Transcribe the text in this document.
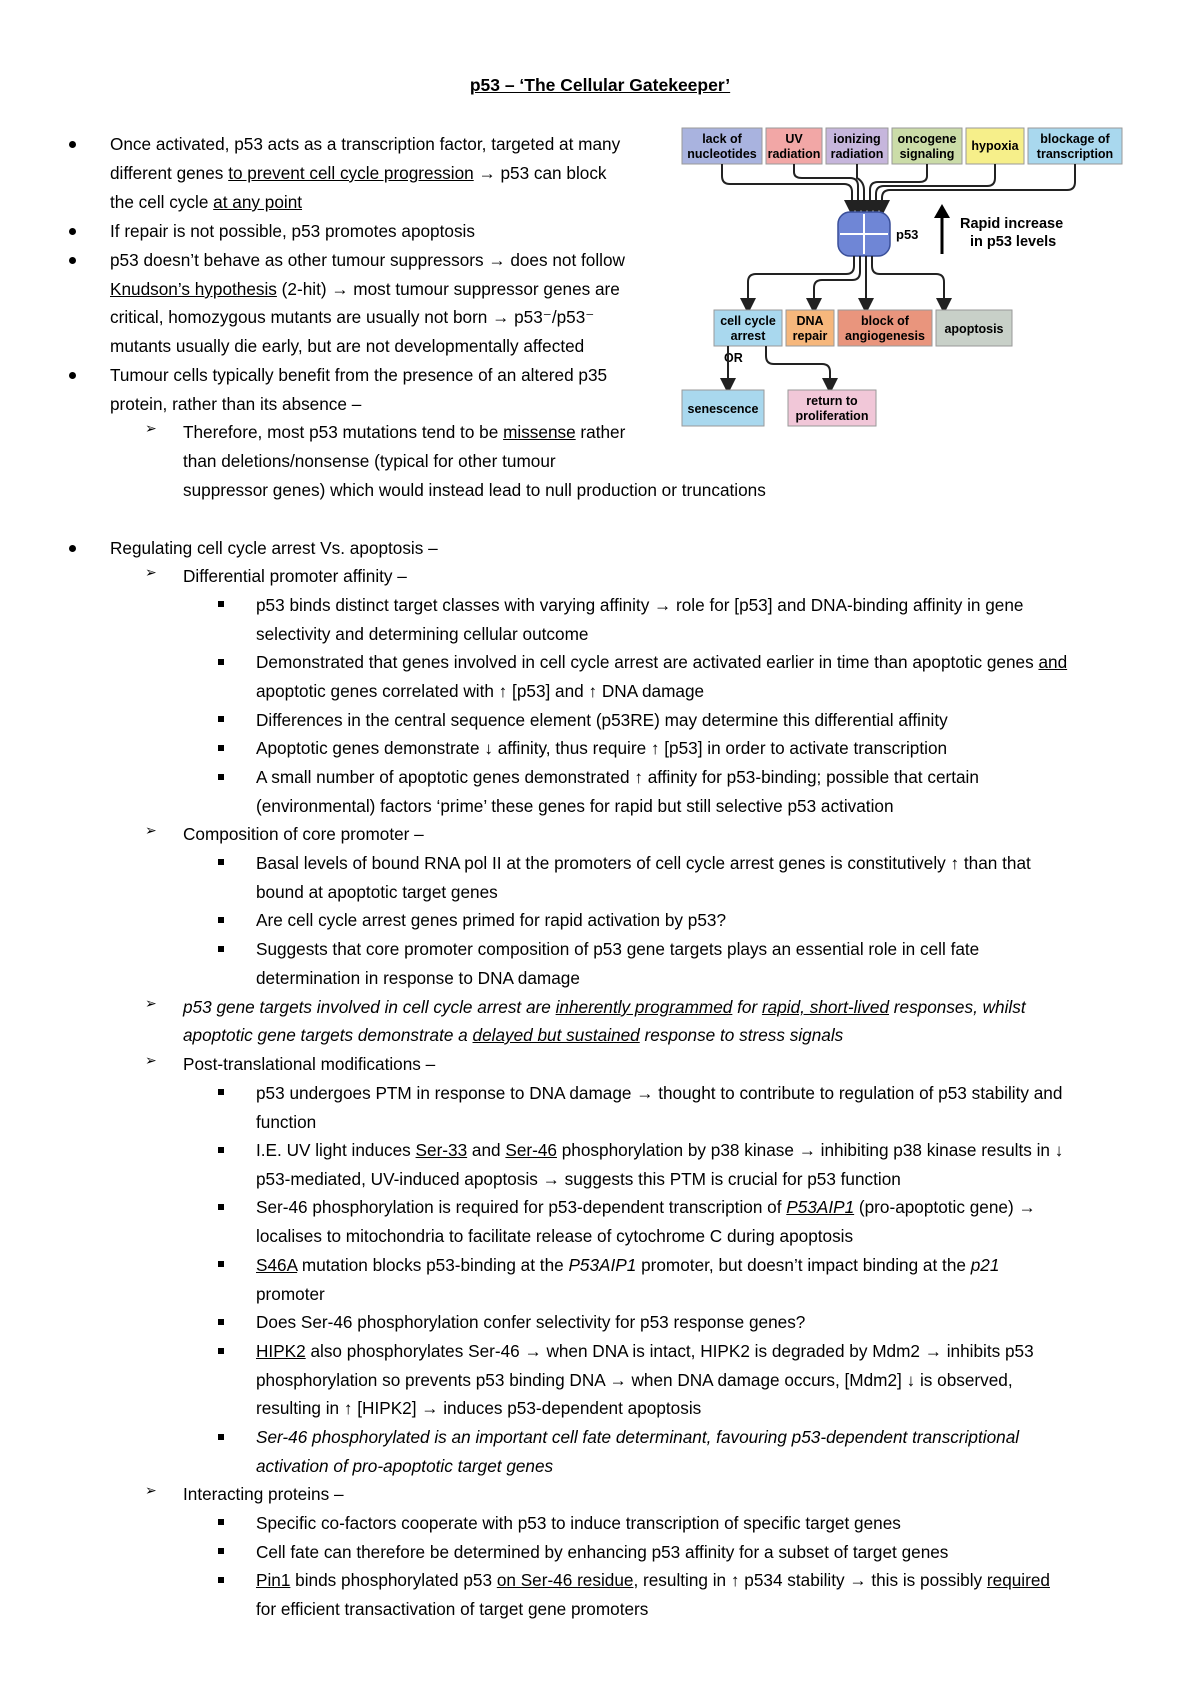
p53 – ‘The Cellular Gatekeeper’
Once activated, p53 acts as a transcription factor, targeted at many
different genes to prevent cell cycle progression → p53 can block
the cell cycle at any point
If repair is not possible, p53 promotes apoptosis
p53 doesn’t behave as other tumour suppressors → does not follow
Knudson’s hypothesis (2-hit) → most tumour suppressor genes are
critical, homozygous mutants are usually not born → p53⁻/p53⁻
mutants usually die early, but are not developmentally affected
Tumour cells typically benefit from the presence of an altered p35
protein, rather than its absence –
➢ Therefore, most p53 mutations tend to be missense rather
than deletions/nonsense (typical for other tumour
suppressor genes) which would instead lead to null production or truncations
Regulating cell cycle arrest Vs. apoptosis –
➢ Differential promoter affinity –
p53 binds distinct target classes with varying affinity → role for [p53] and DNA-binding affinity in gene
selectivity and determining cellular outcome
Demonstrated that genes involved in cell cycle arrest are activated earlier in time than apoptotic genes and
apoptotic genes correlated with ↑ [p53] and ↑ DNA damage
Differences in the central sequence element (p53RE) may determine this differential affinity
Apoptotic genes demonstrate ↓ affinity, thus require ↑ [p53] in order to activate transcription
A small number of apoptotic genes demonstrated ↑ affinity for p53-binding; possible that certain
(environmental) factors ‘prime’ these genes for rapid but still selective p53 activation
➢ Composition of core promoter –
Basal levels of bound RNA pol II at the promoters of cell cycle arrest genes is constitutively ↑ than that
bound at apoptotic target genes
Are cell cycle arrest genes primed for rapid activation by p53?
Suggests that core promoter composition of p53 gene targets plays an essential role in cell fate
determination in response to DNA damage
➢ p53 gene targets involved in cell cycle arrest are inherently programmed for rapid, short-lived responses, whilst
apoptotic gene targets demonstrate a delayed but sustained response to stress signals
➢ Post-translational modifications –
p53 undergoes PTM in response to DNA damage → thought to contribute to regulation of p53 stability and
function
I.E. UV light induces Ser-33 and Ser-46 phosphorylation by p38 kinase → inhibiting p38 kinase results in ↓
p53-mediated, UV-induced apoptosis → suggests this PTM is crucial for p53 function
Ser-46 phosphorylation is required for p53-dependent transcription of P53AIP1 (pro-apoptotic gene) →
localises to mitochondria to facilitate release of cytochrome C during apoptosis
S46A mutation blocks p53-binding at the P53AIP1 promoter, but doesn’t impact binding at the p21
promoter
Does Ser-46 phosphorylation confer selectivity for p53 response genes?
HIPK2 also phosphorylates Ser-46 → when DNA is intact, HIPK2 is degraded by Mdm2 → inhibits p53
phosphorylation so prevents p53 binding DNA → when DNA damage occurs, [Mdm2] ↓ is observed,
resulting in ↑ [HIPK2] → induces p53-dependent apoptosis
Ser-46 phosphorylated is an important cell fate determinant, favouring p53-dependent transcriptional
activation of pro-apoptotic target genes
➢ Interacting proteins –
Specific co-factors cooperate with p53 to induce transcription of specific target genes
Cell fate can therefore be determined by enhancing p53 affinity for a subset of target genes
Pin1 binds phosphorylated p53 on Ser-46 residue, resulting in ↑ p534 stability → this is possibly required
for efficient transactivation of target gene promoters
lack of
nucleotides
UV
radiation
ionizing
radiation
oncogene
signaling
hypoxia blockage of
transcription
p53
Rapid increase
in p53 levels
cell cycle
arrest
DNA
repair
block of
angiogenesis apoptosis
OR
senescence
return to
proliferation
